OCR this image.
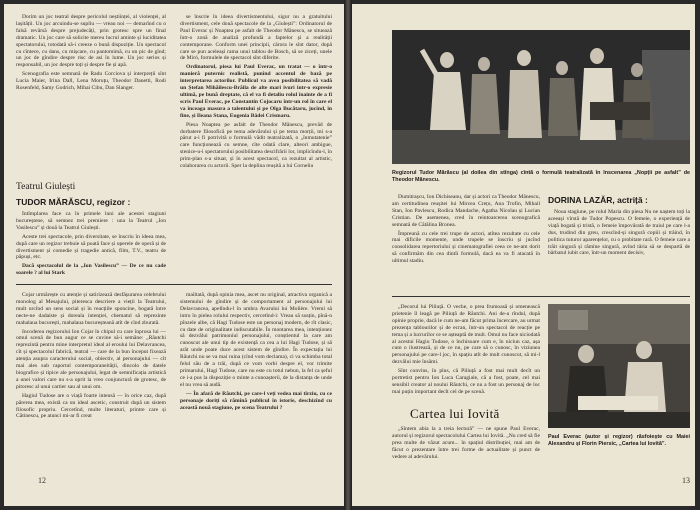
Dorim un joc teatral despre pericolul neștiinței, al violenței, al lașității. Un joc arcuindu-se supliu — vreau noi — demarînd cu o falsă revărsă despre prejudecăți, prin grotesc spre un final dramatic. Un joc care să solicite mereu lucrul aminte și luciditatea spectatorului, totodată să-i creeze o bună dispoziție. Un spectacol cu cîntece, cu dans, cu mișcare, cu pantomimă, cu un pic de gînd; un joc de gîndire despre risc de asi în lume. Un joc serios și responsabil, un joc despre toți și despre fie și apă.

Scenografia este semnată de Radu Corciova și interpreții sînt Lucia Maier, Irina Dall, Lena Moruțu, Theodor Danetti, Rodi Rosenfeld, Samy Godrich, Mihai Cibu, Dan Slanger.

se înscrie în ideea divertismentului, sigur nu a gratuitului divertisment, cele două spectacole de la „Giulești”: Ordinatorul de Paul Everac și Noaptea pe asfalt de Theodor Mănescu, se situează într-o zonă de analiză profundă a faptelor și a realității contemporane. Conform unei principii, cărora le sînt dator, după care se pun aceleași rama unui tablou de Bosch, să se ziceți, unele de Miró, formulele de spectacol sînt diferite.

Ordinatorul, piesa lui Paul Everac, un tratat — o într-o manieră puternic realistă, punînd accentul de bază pe interpretarea actorilor. Publicul va avea posibilitatea să vadă un Ștefan Mihăilescu-Brăila de alte mari ivuri intr-o expresie ultimă, pe bună dreptate, că el va fi detaliu rolul înainte de a fi scris Paul Everac, pe Constantin Cojocaru într-un rol în care el va înceaga masura a talentului și pe Olga Bucătaru, jucînd, în fine, și Ileana Stana, Eugenia Bâdei Crismaru.

Piesa Noaptea pe asfalt de Theodor Mănescu, prevăd de dorbatere filosofică pe tema adevărului și pe tema morții, mi s-a părut a-i fi potrivită o formulă vădit teatralizată, o „înmutatenie” care funcționează cu semne, cîte odată clare, alteori ambigue, stenice-u-i spectatorului posibilitatea descifrării lor, implicîndu-l, în prim-plan s-a situat, și în acest spectacol, ca rezultat al artistic, colaborarea cu actorii. Sper la deplina reușită a lui Corneliu

Teatrul Giulești
TUDOR MĂRĂSCU, regizor :

Întîmplarea face ca în primele luni ale acestei stagiuni bucureștene, să semnez trei premiere : una la Teatrul „Ion Vasilescu” și două la Teatrul Giulești.

Aceste trei spectacole, prin diversitate, se înscriu în ideea mea, după care un regizor trebuie să poată face și operele de operă și de divertisment și comedie și tragedie antică, film, T.V., teatru de păpuși, etc.

Dacă spectacolul de la „Ion Vasilescu” — De ce nu cade soarele ? al lui Stark

Cojar urmărește cu atenție și satirizează desfășurarea celebrului monolog al Mesajului, piteresca descriere a vieții la Teatrului, mult urcînd un sens social și în reacțiile sponcine, bogată între necte-ne dadaiste și doreala intenției, chematul să reprezinte mahalaua bucurești, mahalaua bucureșteană atît de cînd zburată.

Incoderea regizorului Ion Cojar în chipul cu care înprosa lui — omul scenă de bun augur ce se cuvine să-i semăne: „Răutchi reprezintă pentru mine interpretul ideal al eroului lui Delavrancea, cît și spectacolul fabrică, teatral — care de la bun început fixează atenția asupra caracterului social, obiectiv, al personajului — cît mai ales sub raportul contemporaneității, dincolo de datele biografice și tipice ale personajului, legat de semnificația artistică a unei valori care nu s-a oprit la vreo conjunctură de grotesc, de pitoresc al unui cartier sau al unui om.

Hagiul Tudose are o viață foarte intensă — în orice caz, după părerea mea, există ca un ideal ascetic, construit după un sistem filosofic propriu. Cercetînd, multe literaturi, printre care și Cătinescu, pe atunci mi-ar fi creat

mailtată, după opinia mea, ascet nu original, atractiva organică a sistemului de gîndire și de comportament al personajului lui Delavrancea, apelîndu-l în umbra Avarului lui Molière. Vremi să intru în pielea rolului respectiv, cercetînd-i: Vreau să susțin, pînă-n pînzele albe, că Hagi Tudose este un personaj modern, de rît clasic, cu date de originalitate indiscutabile. În montarea mea, intenționez să dezvălui patrimoniul personajului, conștientul la care am cunoscut ale unui tip de existență ca cea a lui Hagi Tudose, și să arăt unde poate duce acest sistem de gîndire. În expectația lui Răutchi nu se va mai ruina (cînd vom declama), ci va schimba total felul său de a trăi, după ce vom vorbi despre el, vor trimite primarului, Hagi Tudose, care nu este cu totul nebun, la fel ca șeful ce i-a pus la dispoziție o minte a cunoașterii, de la distanța de unde el nu vrea să audă.

— În afară de Răutchi, pe care-l veți vedea mai tîrziu, cu ce personaje doriți să rămînă publicul în istorie, deschizînd cu această nouă stagiune, pe scena Teatrului ?

12
Regizorul Tudor Mărăscu (al doilea din stînga) cîntă o formulă teatralizată în înscenarea „Nopții pe asfalt” de Theodor Mănescu.

Dumitrașcu, Ion Dichiseanu, dar și actori ca Theodor Mănescu, am certitudinea reușitei lui Mircea Crețu, Ana Trofin, Mihail Stan, Ion Pavlescu, Rodica Mandache, Agatha Nicolau și Lucian Cristian. De asemenea, cred în reintoarcerea scenografică semnată de Cătălina Bronea.

Împreună cu cele trei trupe de actori, atîtea rezultate cu cele mai dificile momente, unde trupele se înscriu și jucînd consolidarea repertoriului și cinematografiei ceea ce ne-am dorit să confirmăm din cea dintîi formulă, dacă ea va fi atacată în ultimul stadiu.

DORINA LAZĂR, actriță :

Noua stagiune, pe rolul Maria din piesa Nu ne naștem toți la aceeași vîrstă de Tudor Popescu. O femeie, o experiență de viață bogată și tristă, o femeie împovărată de traiul pe care l-a dus, trudind din greu, crescînd-și singură copiii și trăind, în politica tuturor aparențelor, cu o probitate rară. O femeie care a trăit singură și rămîne singură, avînd tăria să se despartă de bărbatul iubit care, într-un moment decisiv,

„Decorul lui Piliuță. O veche, o prea frumoasă și omenească prietenie îl leagă pe Piliuță de Răutchi. Ani de-a rîndul, după opinie proprie, dacă le cum ne-am făcut prima încercare, au urmat prezența tablourilor și de ecran, într-un spectacol de reacție pe tema și a lucrurilor ce se așteaptă de mult. Omul nu face niciodată al acestui Hagiu Tudose, o închisoare cum e, în niciun caz, așa cum o ilustrează, și de ce nu, pe care să o cunosc, în viziunea personajului pe care-l joc, în spațiu atît de mult cunoscut, să mi-l dezvălui mie însămi.

Sînt convins, în plus, că Piliuță a fost mai mult decît un portretist pentru Ion Luca Caragiale, că a fost, poate, cel mai sensibil creator al noului Răutchi, ce nu a fost un personaj de loc mai puțin important decît cel de pe scenă.

Cartea lui Iovită

„Sîntem abia la a treia lectură” — ne spune Paul Everac, autorul și regizorul spectacolului Cartea lui Iovită. „Nu cred să fie prea multe de văzut acum... în spațiul distribuției, mai am de făcut o prezentare între trei forme de actualitate și punct de vedere al adevărului.

Paul Everac (autor și regizor) răsfoiește cu Maiei Alexandru și Florin Piersic, „Cartea lui Iovită”.
13
